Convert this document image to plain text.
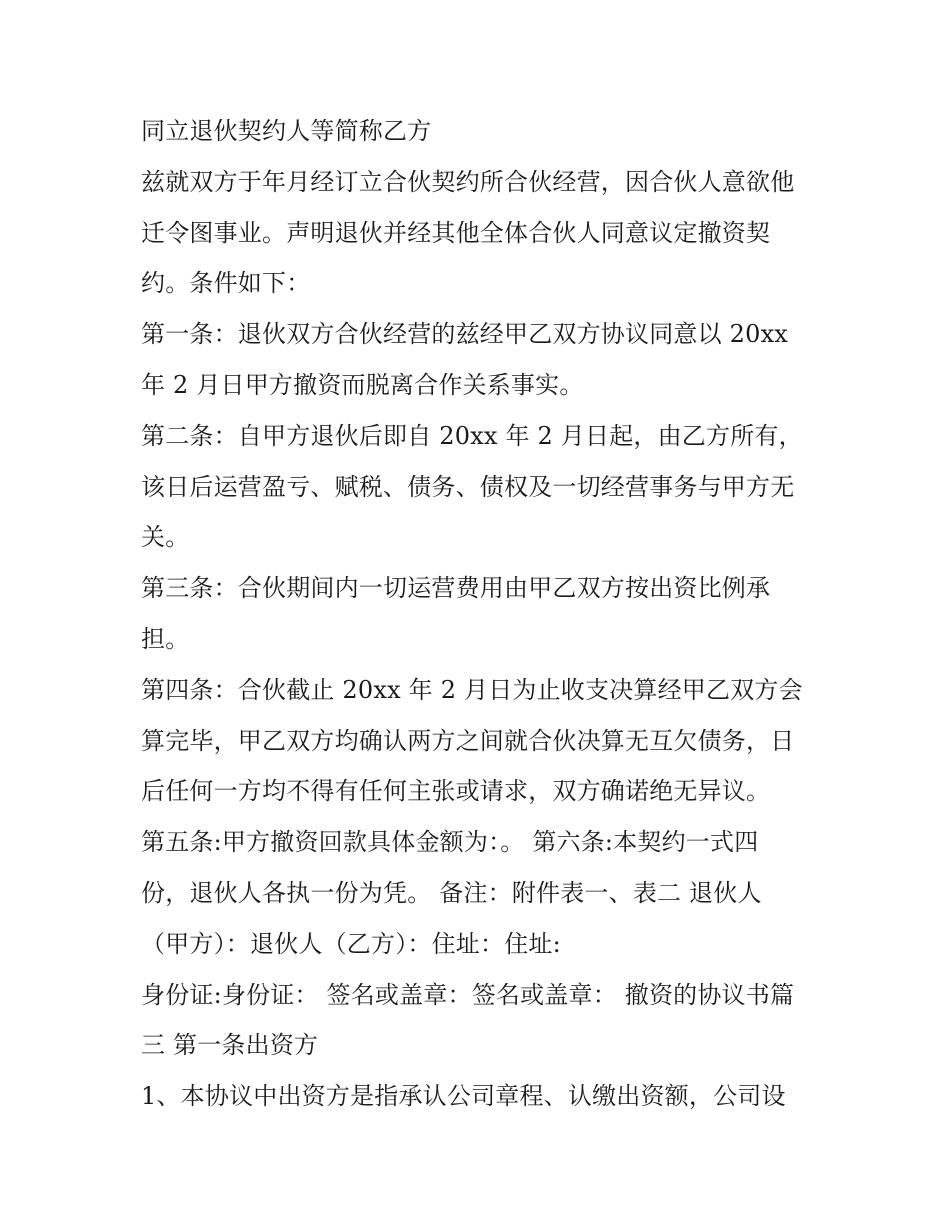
同立退伙契约人等简称乙方
兹就双方于年月经订立合伙契约所合伙经营，因合伙人意欲他
迁令图事业。声明退伙并经其他全体合伙人同意议定撤资契
约。条件如下：
第一条：退伙双方合伙经营的兹经甲乙双方协议同意以 20xx
年 2 月日甲方撤资而脱离合作关系事实。
第二条：自甲方退伙后即自 20xx 年 2 月日起，由乙方所有，
该日后运营盈亏、赋税、债务、债权及一切经营事务与甲方无
关。
第三条：合伙期间内一切运营费用由甲乙双方按出资比例承
担。
第四条：合伙截止 20xx 年 2 月日为止收支决算经甲乙双方会
算完毕，甲乙双方均确认两方之间就合伙决算无互欠债务，日
后任何一方均不得有任何主张或请求，双方确诺绝无异议。
第五条:甲方撤资回款具体金额为：。 第六条:本契约一式四
份，退伙人各执一份为凭。 备注：附件表一、表二 退伙人
（甲方）：退伙人（乙方）：住址：住址:
身份证:身份证： 签名或盖章：签名或盖章： 撤资的协议书篇
三 第一条出资方
1、本协议中出资方是指承认公司章程、认缴出资额，公司设
